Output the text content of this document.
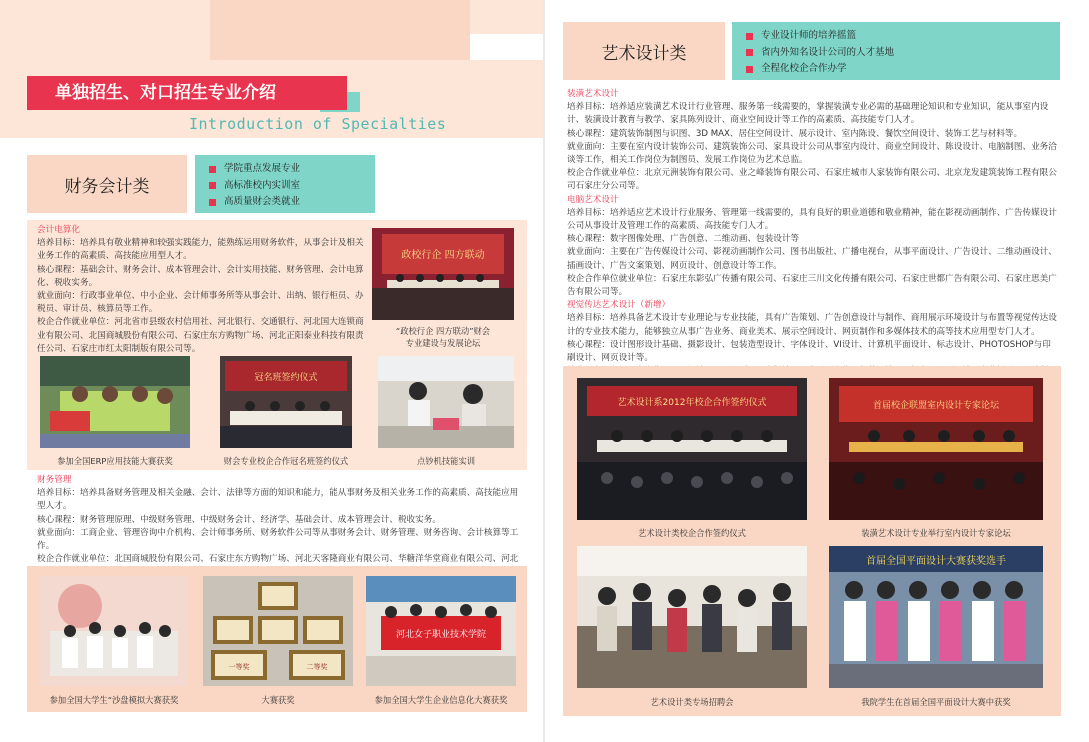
单独招生、对口招生专业介绍
Introduction of Specialties
财务会计类
学院重点发展专业
高标准校内实训室
高质量财会类就业
会计电算化
培养目标：培养具有敬业精神和较强实践能力，能熟练运用财务软件，从事会计及相关业务工作的高素质、高技能应用型人才。
核心课程：基础会计、财务会计、成本管理会计、会计实用技能、财务管理、会计电算化、税收实务。
就业面向：行政事业单位、中小企业、会计师事务所等从事会计、出纳、银行柜员、办税员、审计员、核算员等工作。
校企合作就业单位：河北省市县级农村信用社、河北银行、交通银行、河北国大连锁商业有限公司、北国商城股份有限公司、石家庄东方购物广场、河北正阳泰业科技有限责任公司、石家庄市红太阳制版有限公司等。
政校行企 四方联动
“政校行企 四方联动”财会
专业建设与发展论坛
冠名班签约仪式
参加全国ERP应用技能大赛获奖	财会专业校企合作冠名班签约仪式	点钞机技能实训
财务管理
培养目标：培养具备财务管理及相关金融、会计、法律等方面的知识和能力，能从事财务及相关业务工作的高素质、高技能应用型人才。
核心课程：财务管理原理、中级财务管理、中级财务会计、经济学、基础会计、成本管理会计、税收实务。
就业面向：工商企业、管理咨询中介机构、会计师事务所、财务软件公司等从事财务会计、财务管理、财务咨询、会计核算等工作。
校企合作就业单位：北国商城股份有限公司、石家庄东方购物广场、河北天客隆商业有限公司、华糖洋华堂商业有限公司、河北
一等奖	二等奖
河北女子职业技术学院
参加全国大学生“沙盘模拟大赛获奖	大赛获奖	参加全国大学生企业信息化大赛获奖
艺术设计类
专业设计师的培养摇篮
省内外知名设计公司的人才基地
全程化校企合作办学
装潢艺术设计
培养目标：培养适应装潢艺术设计行业管理、服务第一线需要的，掌握装潢专业必需的基础理论知识和专业知识，能从事室内设计、装潢设计教育与教学、家具陈列设计、商业空间设计等工作的高素质、高技能专门人才。
核心课程：建筑装饰制图与识图、3D MAX、居住空间设计、展示设计、室内陈设、餐饮空间设计、装饰工艺与材料等。
就业面向：主要在室内设计装饰公司、建筑装饰公司、家具设计公司从事室内设计、商业空间设计、陈设设计、电脑制图、业务洽谈等工作，相关工作岗位为制图员、发展工作岗位为艺术总监。
校企合作就业单位：北京元洲装饰有限公司、业之峰装饰有限公司、石家庄城市人家装饰有限公司、北京龙发建筑装饰工程有限公司石家庄分公司等。
电脑艺术设计
培养目标：培养适应艺术设计行业服务、管理第一线需要的，具有良好的职业道德和敬业精神，能在影视动画制作、广告传媒设计公司从事设计及管理工作的高素质、高技能专门人才。
核心课程：数字图像处理、广告创意、二维动画、包装设计等
就业面向：主要在广告传媒设计公司、影视动画制作公司、图书出版社、广播电视台，从事平面设计、广告设计、二维动画设计、插画设计、广告文案策划、网页设计、创意设计等工作。
校企合作单位就业单位：石家庄东影弘广传播有限公司、石家庄三川文化传播有限公司、石家庄世都广告有限公司、石家庄思美广告有限公司等。
视觉传达艺术设计（新增）
培养目标：培养具备艺术设计专业理论与专业技能，具有广告策划、广告创意设计与制作、商用展示环境设计与布置等视觉传达设计的专业技术能力，能够独立从事广告业务、商业美术、展示空间设计、网页制作和多媒体技术的高等技术应用型专门人才。
核心课程：设计图形设计基础、摄影设计、包装造型设计、字体设计、VI设计、计算机平面设计、标志设计、PHOTOSHOP与印刷设计、网页设计等。
艺术设计系2012年校企合作签约仪式	首届校企联盟室内设计专家论坛
艺术设计类校企合作签约仪式	装潢艺术设计专业举行室内设计专家论坛
首届全国平面设计大赛获奖选手
艺术设计类专场招聘会	我院学生在首届全国平面设计大赛中获奖
